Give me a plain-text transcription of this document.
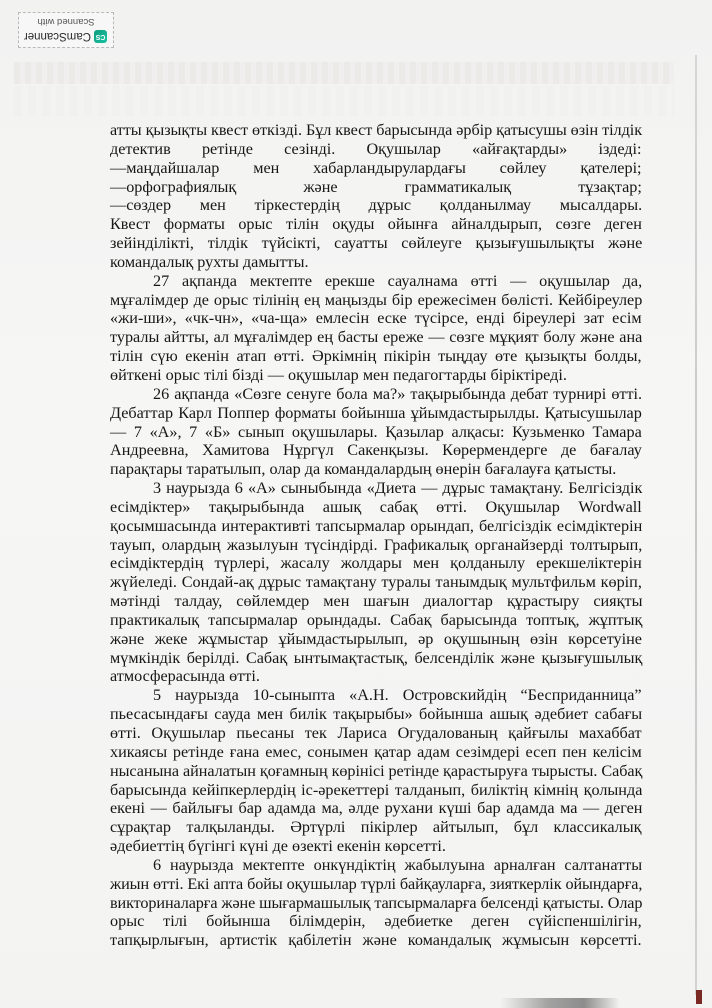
CS
CamScanner
Scanned with
атты қызықты квест өткізді. Бұл квест барысында әрбір қатысушы өзін тілдік
детектив ретінде сезінді. Оқушылар «айғақтарды» іздеді:
—маңдайшалар мен хабарландырулардағы сөйлеу қателері;
—орфографиялық және грамматикалық тұзақтар;
—сөздер мен тіркестердің дұрыс қолданылмау мысалдары.
Квест форматы орыс тілін оқуды ойынға айналдырып, сөзге деген
зейінділікті, тілдік түйсікті, сауатты сөйлеуге қызығушылықты және
командалық рухты дамытты.
27 ақпанда мектепте ерекше сауалнама өтті — оқушылар да,
мұғалімдер де орыс тілінің ең маңызды бір ережесімен бөлісті. Кейбіреулер
«жи-ши», «чк-чн», «ча-ща» емлесін еске түсірсе, енді біреулері зат есім
туралы айтты, ал мұғалімдер ең басты ереже — сөзге мұқият болу және ана
тілін сүю екенін атап өтті. Әркімнің пікірін тыңдау өте қызықты болды,
өйткені орыс тілі бізді — оқушылар мен педагогтарды біріктіреді.
26 ақпанда «Сөзге сенуге бола ма?» тақырыбында дебат турнирі өтті.
Дебаттар Карл Поппер форматы бойынша ұйымдастырылды. Қатысушылар
— 7 «А», 7 «Б» сынып оқушылары. Қазылар алқасы: Кузьменко Тамара
Андреевна, Хамитова Нұргүл Сакенқызы. Көрермендерге де бағалау
парақтары таратылып, олар да командалардың өнерін бағалауға қатысты.
3 наурызда 6 «А» сыныбында «Диета — дұрыс тамақтану. Белгісіздік
есімдіктер» тақырыбында ашық сабақ өтті. Оқушылар Wordwall
қосымшасында интерактивті тапсырмалар орындап, белгісіздік есімдіктерін
тауып, олардың жазылуын түсіндірді. Графикалық органайзерді толтырып,
есімдіктердің түрлері, жасалу жолдары мен қолданылу ерекшеліктерін
жүйеледі. Сондай-ақ дұрыс тамақтану туралы танымдық мультфильм көріп,
мәтінді талдау, сөйлемдер мен шағын диалогтар құрастыру сияқты
практикалық тапсырмалар орындады. Сабақ барысында топтық, жұптық
және жеке жұмыстар ұйымдастырылып, әр оқушының өзін көрсетуіне
мүмкіндік берілді. Сабақ ынтымақтастық, белсенділік және қызығушылық
атмосферасында өтті.
5 наурызда 10-сыныпта «А.Н. Островскийдің “Бесприданница”
пьесасындағы сауда мен билік тақырыбы» бойынша ашық әдебиет сабағы
өтті. Оқушылар пьесаны тек Лариса Огудалованың қайғылы махаббат
хикаясы ретінде ғана емес, сонымен қатар адам сезімдері есеп пен келісім
нысанына айналатын қоғамның көрінісі ретінде қарастыруға тырысты. Сабақ
барысында кейіпкерлердің іс-әрекеттері талданып, биліктің кімнің қолында
екені — байлығы бар адамда ма, әлде рухани күші бар адамда ма — деген
сұрақтар талқыланды. Әртүрлі пікірлер айтылып, бұл классикалық
әдебиеттің бүгінгі күні де өзекті екенін көрсетті.
6 наурызда мектепте онкүндіктің жабылуына арналған салтанатты
жиын өтті. Екі апта бойы оқушылар түрлі байқауларға, зияткерлік ойындарға,
викториналарға және шығармашылық тапсырмаларға белсенді қатысты. Олар
орыс тілі бойынша білімдерін, әдебиетке деген сүйіспеншілігін,
тапқырлығын, артистік қабілетін және командалық жұмысын көрсетті.
